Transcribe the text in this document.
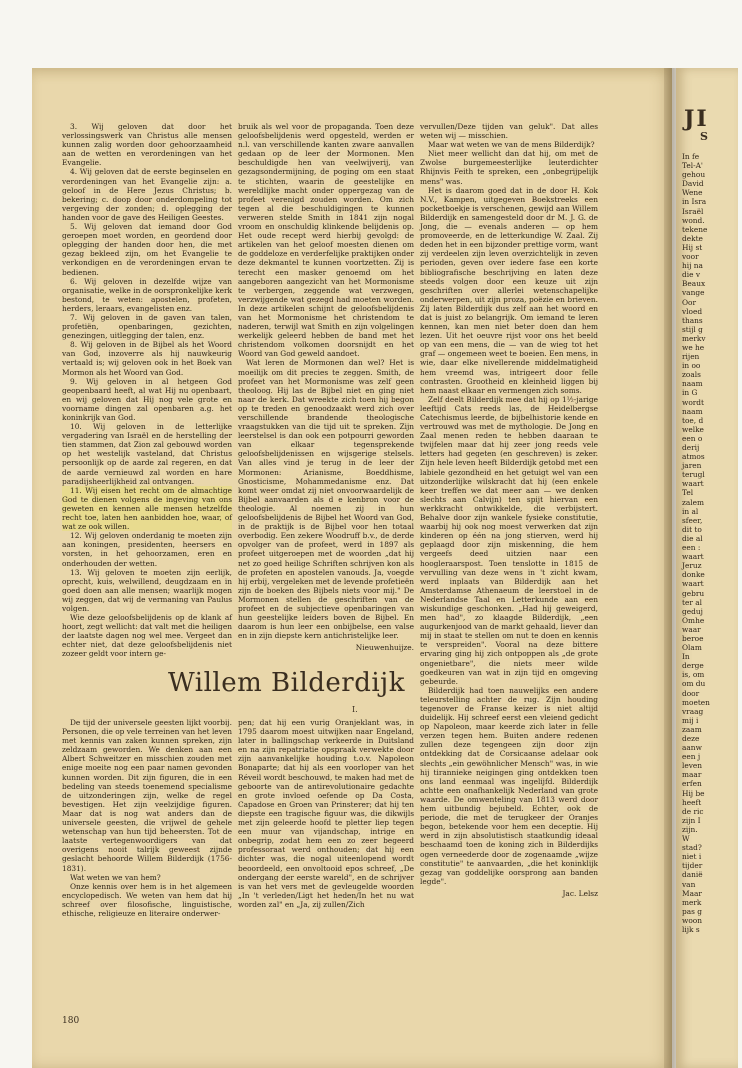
3. Wij geloven dat door het verlossingswerk van Christus alle mensen kunnen zalig worden door gehoorzaamheid aan de wetten en verordeningen van het Evangelie.

4. Wij geloven dat de eerste beginselen en verordeningen van het Evangelie zijn: a. geloof in de Here Jezus Christus; b. bekering; c. doop door onderdompeling tot vergeving der zonden; d. oplegging der handen voor de gave des Heiligen Geestes.

5. Wij geloven dat iemand door God geroepen moet worden, en geordend door oplegging der handen door hen, die met gezag bekleed zijn, om het Evangelie te verkondigen en de verordeningen ervan te bedienen.

6. Wij geloven in dezelfde wijze van organisatie, welke in de oorspronkelijke kerk bestond, te weten: apostelen, profeten, herders, leraars, evangelisten enz.

7. Wij geloven in de gaven van talen, profetiën, openbaringen, gezichten, genezingen, uitlegging der talen, enz.

8. Wij geloven in de Bijbel als het Woord van God, inzoverre als hij nauwkeurig vertaald is; wij geloven ook in het Boek van Mormon als het Woord van God.

9. Wij geloven in al hetgeen God geopenbaard heeft, al wat Hij nu openbaart, en wij geloven dat Hij nog vele grote en voorname dingen zal openbaren a.g. het koninkrijk van God.

10. Wij geloven in de letterlijke vergadering van Israël en de herstelling der tien stammen, dat Zion zal gebouwd worden op het westelijk vasteland, dat Christus persoonlijk op de aarde zal regeren, en dat de aarde vernieuwd zal worden en hare paradijsheerlijkheid zal ontvangen.

11. Wij eisen het recht om de almachtige God te dienen volgens de ingeving van ons geweten en kennen alle mensen hetzelfde recht toe, laten hen aanbidden hoe, waar, of wat ze ook willen.

12. Wij geloven onderdanig te moeten zijn aan koningen, presidenten, heersers en vorsten, in het gehoorzamen, eren en onderhouden der wetten.

13. Wij geloven te moeten zijn eerlijk, oprecht, kuis, welwillend, deugdzaam en in goed doen aan alle mensen; waarlijk mogen wij zeggen, dat wij de vermaning van Paulus volgen.

Wie deze geloofsbelijdenis op de klank af hoort, zegt wellicht: dat valt met die heiligen der laatste dagen nog wel mee. Vergeet dan echter niet, dat deze geloofsbelijdenis niet zozeer geldt voor intern ge-

bruik als wel voor de propaganda. Toen deze geloofsbelijdenis werd opgesteld, werden er n.l. van verschillende kanten zware aanvallen gedaan op de leer der Mormonen. Men beschuldigde hen van veelwijverij, van gezagsondermijning, de poging om een staat te stichten, waarin de geestelijke en wereldlijke macht onder oppergezag van de profeet verenigd zouden worden. Om zich tegen al die beschuldigingen te kunnen verweren stelde Smith in 1841 zijn nogal vroom en onschuldig klinkende belijdenis op. Het oude recept werd hierbij gevolgd: de artikelen van het geloof moesten dienen om de goddeloze en verderfelijke praktijken onder deze dekmantel te kunnen voortzetten. Zij is terecht een masker genoemd om het aangeboren aangezicht van het Mormonisme te verbergen, zeggende wat verzwegen, verzwijgende wat gezegd had moeten worden. In deze artikelen schijnt de geloofsbelijdenis van het Mormonisme het christendom te naderen, terwijl wat Smith en zijn volgelingen werkelijk geleerd hebben de band met het christendom volkomen doorsnijdt en het Woord van God geweld aandoet.

Wat leren de Mormonen dan wel? Het is moeilijk om dit precies te zeggen. Smith, de profeet van het Mormonisme was zelf geen theoloog. Hij las de Bijbel niet en ging niet naar de kerk. Dat wreekte zich toen hij begon op te treden en genoodzaakt werd zich over verschillende brandende theologische vraagstukken van die tijd uit te spreken. Zijn leerstelsel is dan ook een potpourri geworden van elkaar tegensprekende geloofsbelijdenissen en wijsgerige stelsels. Van alles vind je terug in de leer der Mormonen: Arianisme, Boeddhisme, Gnosticisme, Mohammedanisme enz. Dat komt weer omdat zij niet onvoorwaardelijk de Bijbel aanvaarden als d e kenbron voor de theologie. Al noemen zij in hun geloofsbelijdenis de Bijbel het Woord van God, in de praktijk is de Bijbel voor hen totaal overbodig. Een zekere Woodruff b.v., de derde opvolger van de profeet, werd in 1897 als profeet uitgeroepen met de woorden „dat hij net zo goed heilige Schriften schrijven kon als de profeten en apostelen vanouds. Ja, voegde hij erbij, vergeleken met de levende profetieën zijn de boeken des Bijbels niets voor mij." De Mormonen stellen de geschriften van de profeet en de subjectieve openbaringen van hun geestelijke leiders boven de Bijbel. En daarom is hun leer een onbijbelse, een valse en in zijn diepste kern antichristelijke leer.

Nieuwenhuijze.

vervullen/Deze tijden van geluk". Dat alles weten wij — misschien.

Maar wat weten we van de mens Bilderdijk?

Niet meer wellicht dan dat hij, om met de Zwolse burgemeesterlijke leuterdichter Rhijnvis Feith te spreken, een „onbegrijpelijk mens" was.

Het is daarom goed dat in de door H. Kok N.V., Kampen, uitgegeven Boekstreeks een pocketboekje is verschenen, gewijd aan Willem Bilderdijk en samengesteld door dr M. J. G. de Jong, die — evenals anderen — op hem promoveerde, en de letterkundige W. Zaal. Zij deden het in een bijzonder prettige vorm, want zij verdeelen zijn leven overzichtelijk in zeven perioden, geven over iedere fase een korte bibliografische beschrijving en laten deze steeds volgen door een keuze uit zijn geschriften over allerlei wetenschapelijke onderwerpen, uit zijn proza, poëzie en brieven. Zij laten Bilderdijk dus zelf aan het woord en dat is juist zo belangrijk. Om iemand te leren kennen, kan men niet beter doen dan hem lezen. Uit het oeuvre rijst voor ons het beeld op van een mens, die — van de wieg tot het graf — ongemeen weet te boeien. Een mens, in wie, daar elke nivellerende middelmatigheid hem vreemd was, intrigeert door felle contrasten. Grootheid en kleinheid liggen bij hem naast elkaar en vermengen zich soms.

Zelf deelt Bilderdijk mee dat hij op 1½-jarige leeftijd Cats reeds las, de Heidelbergse Catechismus leerde, de bijbelhistorie kende en vertrouwd was met de mythologie. De Jong en Zaal menen reden te hebben daaraan te twijfelen maar dat hij zeer jong reeds vele letters had gegeten (en geschreven) is zeker. Zijn hele leven heeft Bilderdijk getobd met een labiele gezondheid en het getuigt wel van een uitzonderlijke wilskracht dat hij (een enkele keer treffen we dat meer aan — we denken slechts aan Calvijn) ten spijt hiervan een werkkracht ontwikkelde, die verbijstert. Behalve door zijn wankele fysieke constitutie, waarbij hij ook nog moest verwerken dat zijn kinderen op één na jong stierven, werd hij geplaagd door zijn miskenning, die hem vergeefs deed uitzien naar een hoogleraarspost. Toen tenslotte in 1815 de vervulling van deze wens in 't zicht kwam, werd inplaats van Bilderdijk aan het Amsterdamse Athenaeum de leerstoel in de Nederlandse Taal en Letterkunde aan een wiskundige geschonken. „Had hij geweigerd, men had", zo klaagde Bilderdijk, „een augurkenjood van de markt gehaald, liever dan mij in staat te stellen om nut te doen en kennis te verspreiden". Vooral na deze bittere ervaring ging hij zich ontpoppen als „de grote ongenietbare", die niets meer wilde goedkeuren van wat in zijn tijd en omgeving gebeurde.

Bilderdijk had toen nauwelijks een andere teleurstelling achter de rug. Zijn houding tegenover de Franse keizer is niet altijd duidelijk. Hij schreef eerst een vleiend gedicht op Napoleon, maar keerde zich later in felle verzen tegen hem. Buiten andere redenen zullen deze tegengeen zijn door zijn ontdekking dat de Corsicaanse adelaar ook slechts „ein gewöhnlicher Mensch" was, in wie hij tirannieke neigingen ging ontdekken toen ons land eenmaal was ingelijfd. Bilderdijk achtte een onafhankelijk Nederland van grote waarde. De omwenteling van 1813 werd door hem uitbundig bejubeld. Echter, ook de periode, die met de terugkeer der Oranjes begon, betekende voor hem een deceptie. Hij werd in zijn absolutistisch staatkundig ideaal beschaamd toen de koning zich in Bilderdijks ogen verneederde door de zogenaamde „wijze constitutie" te aanvaarden, „die het koninklijk gezag van goddelijke oorsprong aan banden legde".

Jac. Lelsz

Willem Bilderdijk
I.

De tijd der universele geesten lijkt voorbij. Personen, die op vele terreinen van het leven met kennis van zaken kunnen spreken, zijn zeldzaam geworden. We denken aan een Albert Schweitzer en misschien zouden met enige moeite nog een paar namen gevonden kunnen worden. Dit zijn figuren, die in een bedeling van steeds toenemend specialisme de uitzonderingen zijn, welke de regel bevestigen. Het zijn veelzijdige figuren. Maar dat is nog wat anders dan de universele geesten, die vrijwel de gehele wetenschap van hun tijd beheersten. Tot de laatste vertegenwoordigers van dat overigens nooit talrijk geweest zijnde geslacht behoorde Willem Bilderdijk (1756-1831).

Wat weten we van hem?

Onze kennis over hem is in het algemeen encyclopedisch. We weten van hem dat hij schreef over filosofische, linguistische, ethische, religieuze en literaire onderwer-

pen; dat hij een vurig Oranjeklant was, in 1795 daarom moest uitwijken naar Engeland, later in ballingschap verkeerde in Duitsland en na zijn repatriatie opspraak verwekte door zijn aanvankelijke houding t.o.v. Napoleon Bonaparte; dat hij als een voorloper van het Réveil wordt beschouwd, te maken had met de geboorte van de antirevolutionaire gedachte en grote invloed oefende op Da Costa, Capadose en Groen van Prinsterer; dat hij ten diepste een tragische figuur was, die dikwijls met zijn geleerde hoofd te pletter liep tegen een muur van vijandschap, intrige en onbegrip, zodat hem een zo zeer begeerd professoraat werd onthouden; dat hij een dichter was, die nogal uiteenlopend wordt beoordeeld, een onvoltooid epos schreef, „De ondergang der eerste wareld", en de schrijver is van het vers met de gevleugelde woorden „In 't verleden/Ligt het heden/In het nu wat worden zal" en „Ja, zij zullen/Zich

180
JI
S
In fe
Tel-A'
gehou
David
Wene
in Isra
Israël
wond.
tekene
dekte
Hij st
voor
hij na
die v
Beaux
vange
Oor
vloed
thans
stijl g
merkv
we he
rijen
in oo
zoals
naam
in G
wordt
naam
toe, d
welke
een o
derij
atmos
jaren
terugl
waart
Tel
zalem
in al
sfeer,
dit to
die al
een :
waart
Jeruz
donke
waart
gebru
ter al
geduj
Omhe
waar
beroe
Olam
In
derge
is, om
om du
door
moeten
vraag
mij i
zaam
deze
aanw
een j
leven
maar
erfen
Hij be
heeft
de ric
zijn I
zijn.
W
stad?
niet i
tijder
danië
van
Maar
merk
pas g
woon
lijk s
